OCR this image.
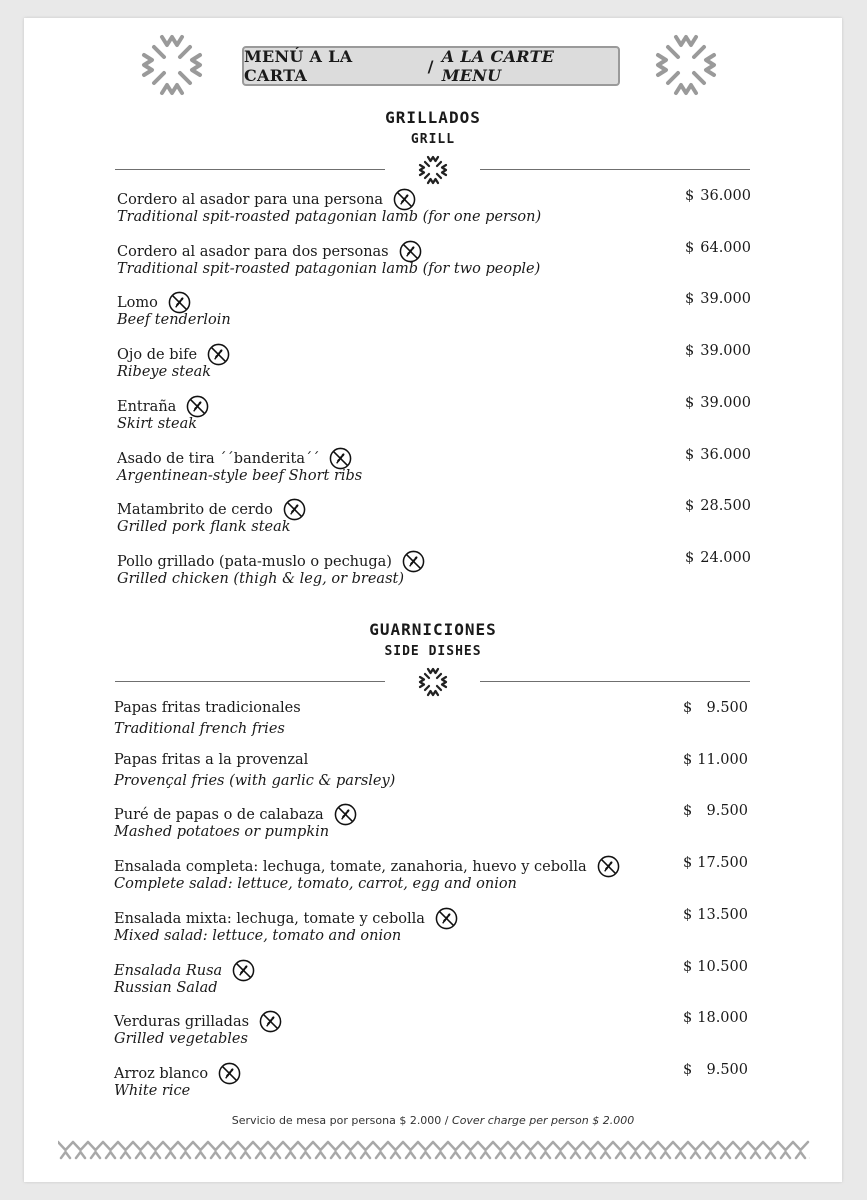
MENÚ A LA CARTA	/ A LA CARTE MENU
GRILLADOS
GRILL
Cordero al asador para una persona
Traditional spit-roasted patagonian lamb (for one person)
$ 36.000
Cordero al asador para dos personas
Traditional spit-roasted patagonian lamb (for two people)
$ 64.000
Lomo
Beef tenderloin
$ 39.000
Ojo de bife
Ribeye steak
$ 39.000
Entraña
Skirt steak
$ 39.000
Asado de tira ´´banderita´´
Argentinean-style beef Short ribs
$ 36.000
Matambrito de cerdo
Grilled pork flank steak
$ 28.500
Pollo grillado (pata-muslo o pechuga)
Grilled chicken (thigh & leg, or breast)
$ 24.000
GUARNICIONES
SIDE DISHES
Papas fritas tradicionales
Traditional french fries
$ 9.500
Papas fritas a la provenzal
Provençal fries (with garlic & parsley)
$ 11.000
Puré de papas o de calabaza
Mashed potatoes or pumpkin
$ 9.500
Ensalada completa: lechuga, tomate, zanahoria, huevo y cebolla
Complete salad: lettuce, tomato, carrot, egg and onion
$ 17.500
Ensalada mixta: lechuga, tomate y cebolla
Mixed salad: lettuce, tomato and onion
$ 13.500
Ensalada Rusa
Russian Salad
$ 10.500
Verduras grilladas
Grilled vegetables
$ 18.000
Arroz blanco
White rice
$ 9.500
Servicio de mesa por persona $ 2.000 / Cover charge per person $ 2.000
